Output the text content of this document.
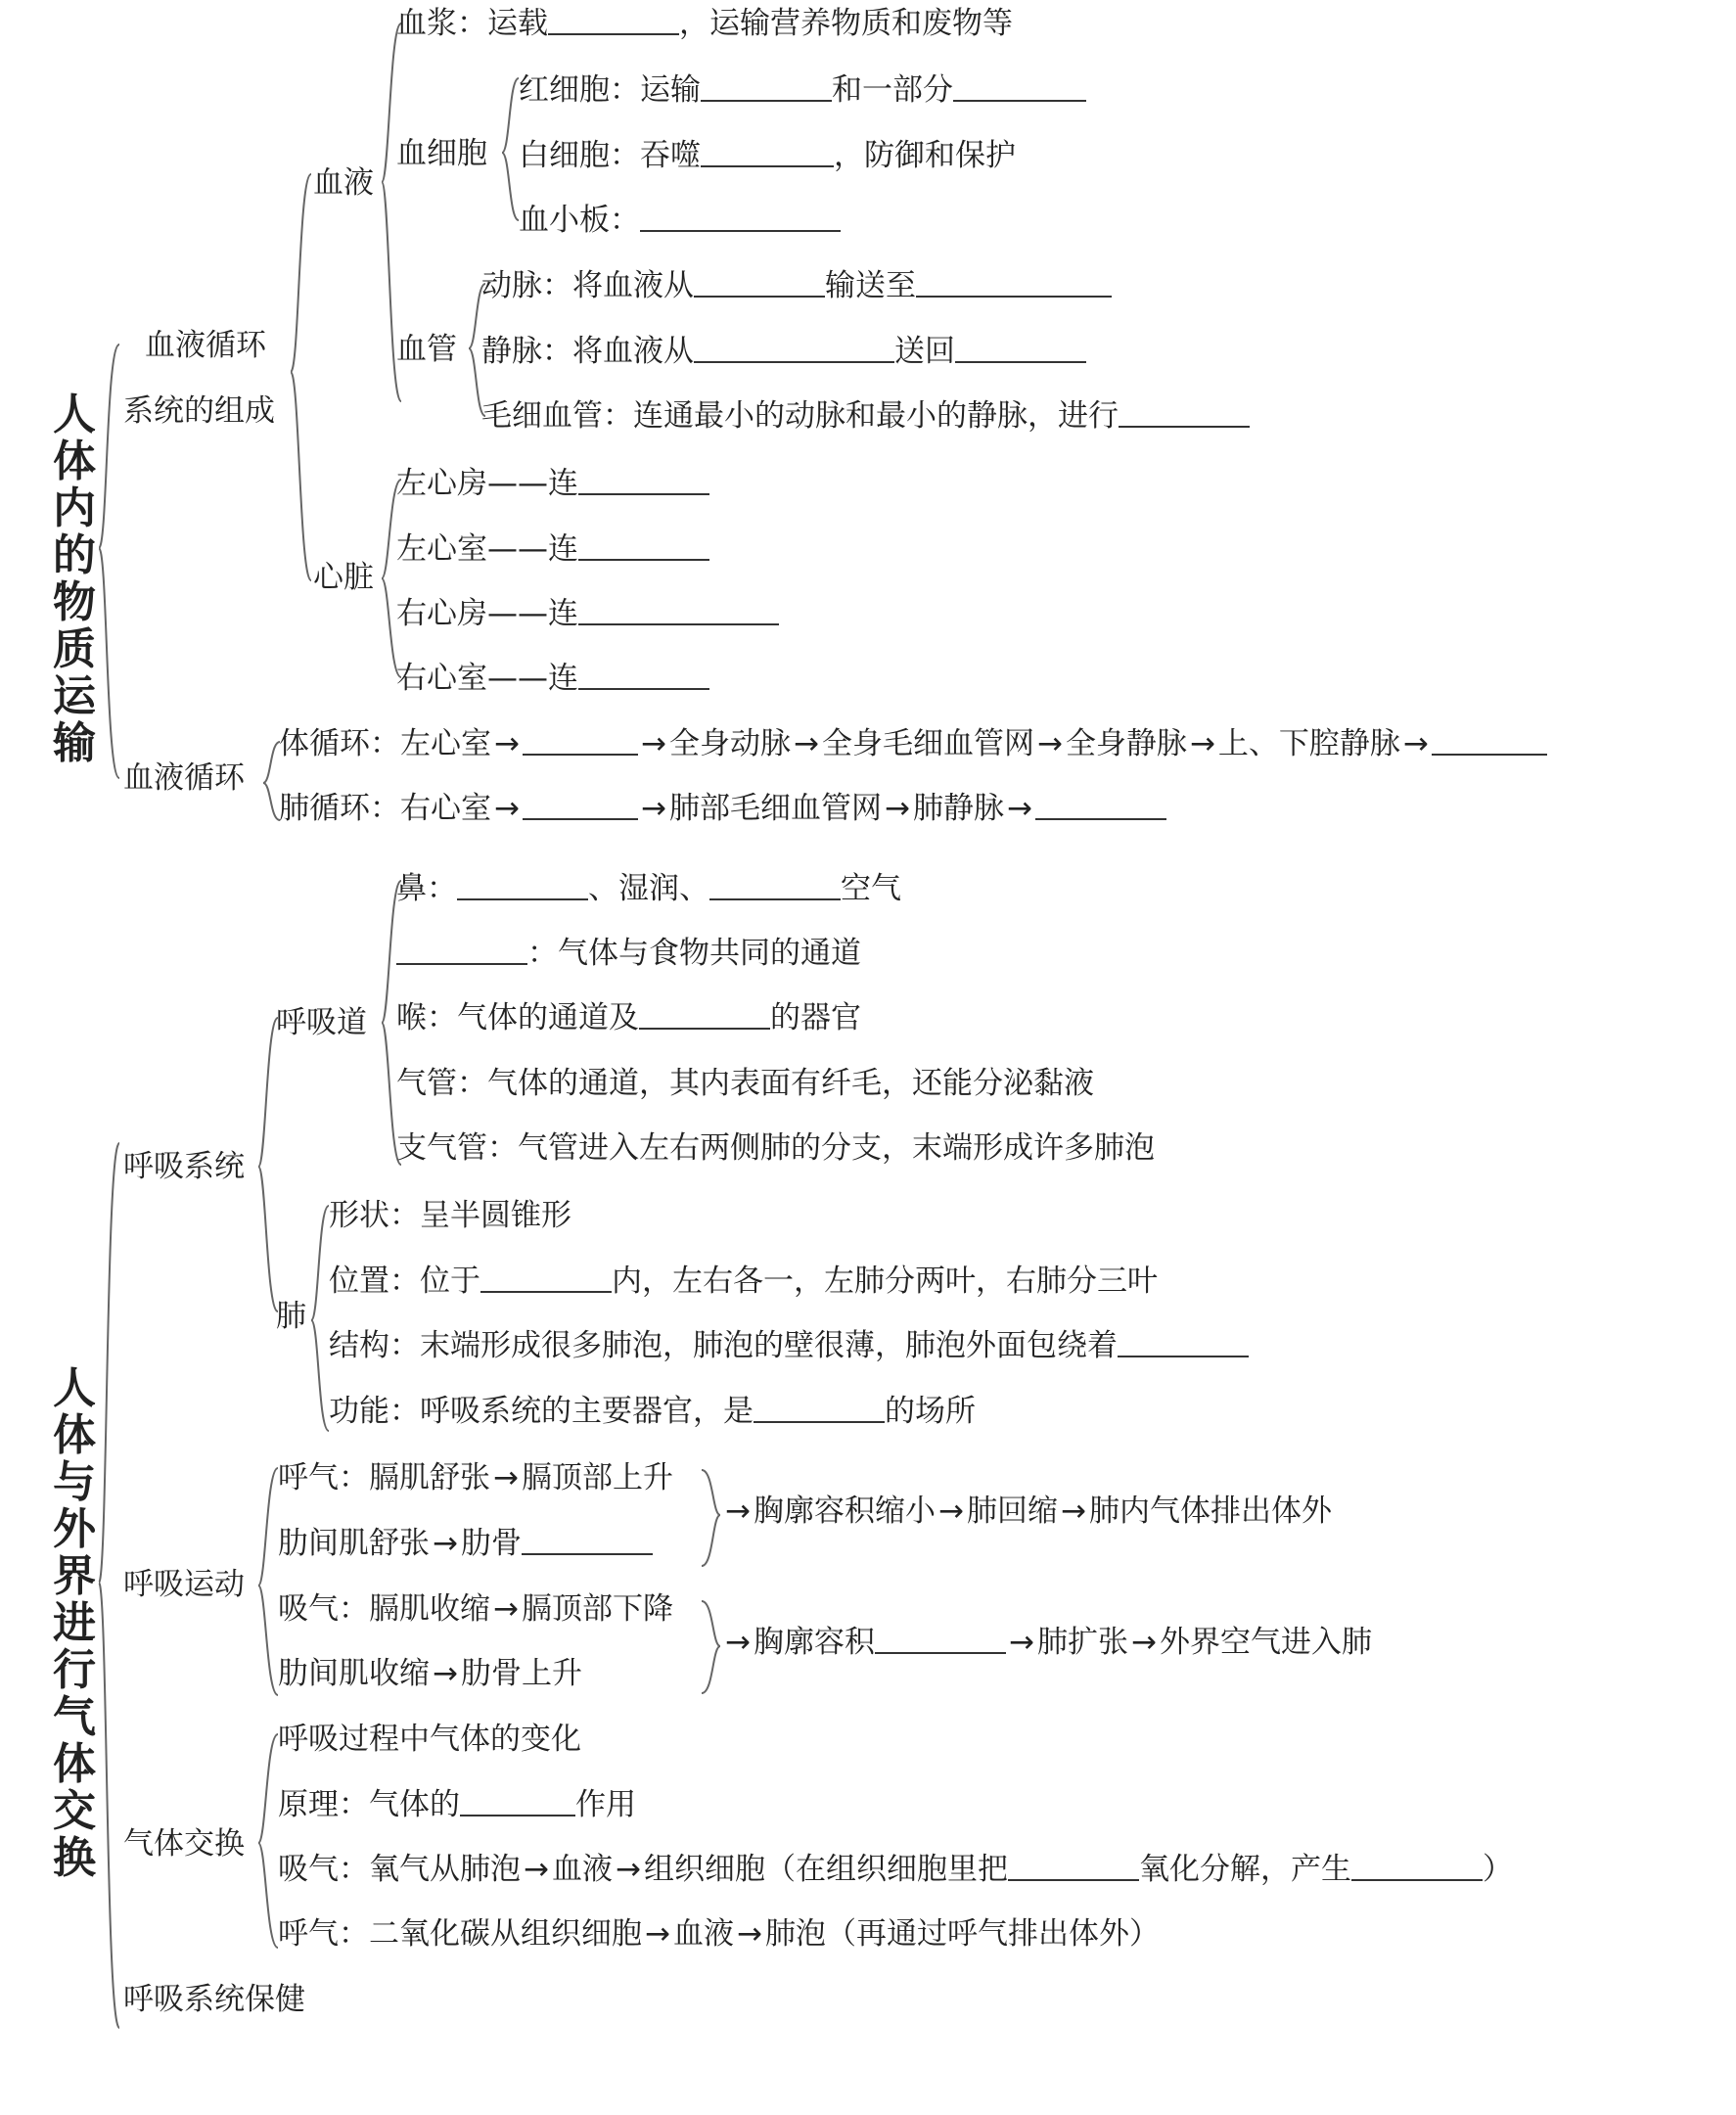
人体内的物质运输
人体与外界进行气体交换
血液循环
系统的组成
血液
血浆：运载	，运输营养物质和废物等
血细胞
红细胞：运输	和一部分
白细胞：吞噬	，防御和保护
血小板：
血管
动脉：将血液从	输送至
静脉：将血液从	送回
毛细血管：连通最小的动脉和最小的静脉，进行
心脏
左心房——连
左心室——连
右心房——连
右心室——连
血液循环
体循环：左心室→	→全身动脉→全身毛细血管网→全身静脉→上、下腔静脉→
肺循环：右心室→	→肺部毛细血管网→肺静脉→
呼吸系统
呼吸道
鼻：	、湿润、	空气
：气体与食物共同的通道
喉：气体的通道及	的器官
气管：气体的通道，其内表面有纤毛，还能分泌黏液
支气管：气管进入左右两侧肺的分支，末端形成许多肺泡
肺
形状：呈半圆锥形
位置：位于	内，左右各一，左肺分两叶，右肺分三叶
结构：末端形成很多肺泡，肺泡的壁很薄，肺泡外面包绕着
功能：呼吸系统的主要器官，是	的场所
呼吸运动
呼气：膈肌舒张→膈顶部上升
肋间肌舒张→肋骨
→胸廓容积缩小→肺回缩→肺内气体排出体外
吸气：膈肌收缩→膈顶部下降
肋间肌收缩→肋骨上升
→胸廓容积	→肺扩张→外界空气进入肺
气体交换
呼吸过程中气体的变化
原理：气体的	作用
吸气：氧气从肺泡→血液→组织细胞（在组织细胞里把	氧化分解，产生	）
呼气：二氧化碳从组织细胞→血液→肺泡（再通过呼气排出体外）
呼吸系统保健
